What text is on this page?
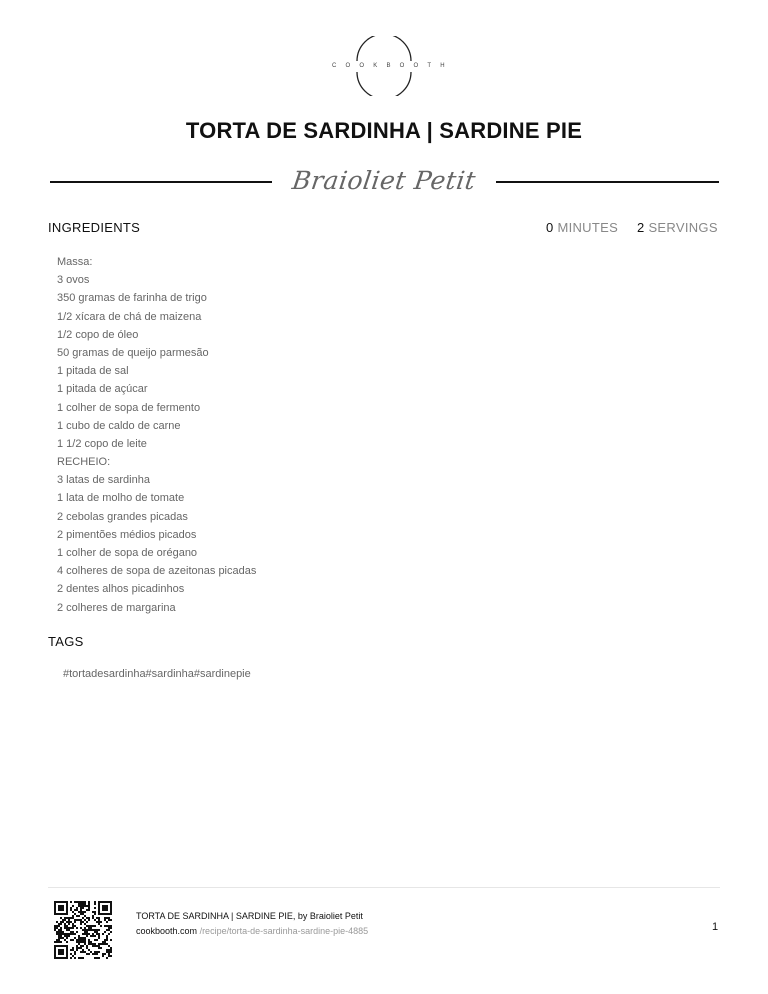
COOKBOOTH
TORTA DE SARDINHA | SARDINE PIE
Braioliet Petit
INGREDIENTS	0 MINUTES 2 SERVINGS
Massa:
3 ovos
350 gramas de farinha de trigo
1/2 xícara de chá de maizena
1/2 copo de óleo
50 gramas de queijo parmesão
1 pitada de sal
1 pitada de açúcar
1 colher de sopa de fermento
1 cubo de caldo de carne
1 1/2 copo de leite
RECHEIO:
3 latas de sardinha
1 lata de molho de tomate
2 cebolas grandes picadas
2 pimentões médios picados
1 colher de sopa de orégano
4 colheres de sopa de azeitonas picadas
2 dentes alhos picadinhos
2 colheres de margarina
TAGS
#tortadesardinha#sardinha#sardinepie
TORTA DE SARDINHA | SARDINE PIE, by Braioliet Petit
cookbooth.com /recipe/torta-de-sardinha-sardine-pie-4885	1
